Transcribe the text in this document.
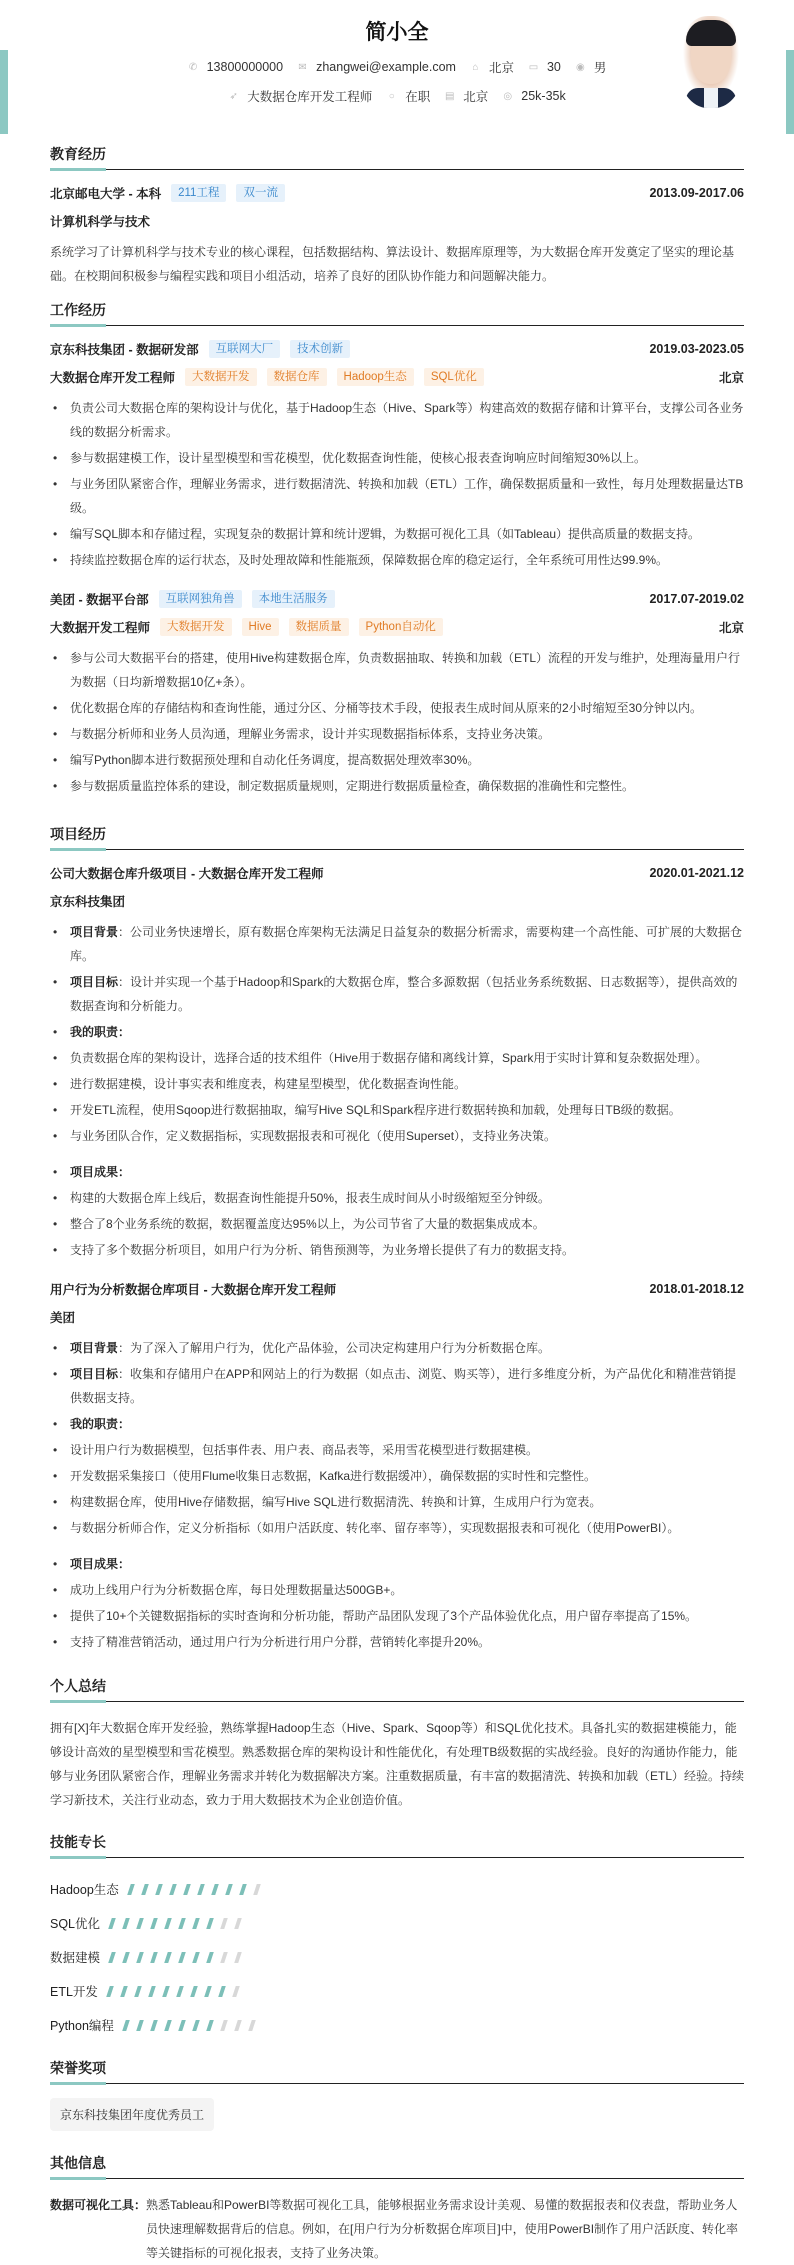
简小全
✆ 13800000000 ✉ zhangwei@example.com ⌂ 北京 ▭ 30 ◉ 男
➶ 大数据仓库开发工程师 ○ 在职 ▤ 北京 ◎ 25k-35k
教育经历
北京邮电大学 - 本科	211工程	双一流	2013.09-2017.06
计算机科学与技术
系统学习了计算机科学与技术专业的核心课程，包括数据结构、算法设计、数据库原理等，为大数据仓库开发奠定了坚实的理论基础。在校期间积极参与编程实践和项目小组活动，培养了良好的团队协作能力和问题解决能力。
工作经历
京东科技集团 - 数据研发部	互联网大厂	技术创新	2019.03-2023.05
大数据仓库开发工程师	大数据开发	数据仓库	Hadoop生态	SQL优化	北京
• 负责公司大数据仓库的架构设计与优化，基于Hadoop生态（Hive、Spark等）构建高效的数据存储和计算平台，支撑公司各业务线的数据分析需求。
• 参与数据建模工作，设计星型模型和雪花模型，优化数据查询性能，使核心报表查询响应时间缩短30%以上。
• 与业务团队紧密合作，理解业务需求，进行数据清洗、转换和加载（ETL）工作，确保数据质量和一致性，每月处理数据量达TB级。
• 编写SQL脚本和存储过程，实现复杂的数据计算和统计逻辑，为数据可视化工具（如Tableau）提供高质量的数据支持。
• 持续监控数据仓库的运行状态，及时处理故障和性能瓶颈，保障数据仓库的稳定运行，全年系统可用性达99.9%。
美团 - 数据平台部	互联网独角兽	本地生活服务	2017.07-2019.02
大数据开发工程师	大数据开发	Hive	数据质量	Python自动化	北京
• 参与公司大数据平台的搭建，使用Hive构建数据仓库，负责数据抽取、转换和加载（ETL）流程的开发与维护，处理海量用户行为数据（日均新增数据10亿+条）。
• 优化数据仓库的存储结构和查询性能，通过分区、分桶等技术手段，使报表生成时间从原来的2小时缩短至30分钟以内。
• 与数据分析师和业务人员沟通，理解业务需求，设计并实现数据指标体系，支持业务决策。
• 编写Python脚本进行数据预处理和自动化任务调度，提高数据处理效率30%。
• 参与数据质量监控体系的建设，制定数据质量规则，定期进行数据质量检查，确保数据的准确性和完整性。
项目经历
公司大数据仓库升级项目 - 大数据仓库开发工程师	2020.01-2021.12
京东科技集团
• 项目背景：公司业务快速增长，原有数据仓库架构无法满足日益复杂的数据分析需求，需要构建一个高性能、可扩展的大数据仓库。
• 项目目标：设计并实现一个基于Hadoop和Spark的大数据仓库，整合多源数据（包括业务系统数据、日志数据等），提供高效的数据查询和分析能力。
• 我的职责：
• 负责数据仓库的架构设计，选择合适的技术组件（Hive用于数据存储和离线计算，Spark用于实时计算和复杂数据处理）。
• 进行数据建模，设计事实表和维度表，构建星型模型，优化数据查询性能。
• 开发ETL流程，使用Sqoop进行数据抽取，编写Hive SQL和Spark程序进行数据转换和加载，处理每日TB级的数据。
• 与业务团队合作，定义数据指标，实现数据报表和可视化（使用Superset），支持业务决策。
• 项目成果：
• 构建的大数据仓库上线后，数据查询性能提升50%，报表生成时间从小时级缩短至分钟级。
• 整合了8个业务系统的数据，数据覆盖度达95%以上，为公司节省了大量的数据集成成本。
• 支持了多个数据分析项目，如用户行为分析、销售预测等，为业务增长提供了有力的数据支持。
用户行为分析数据仓库项目 - 大数据仓库开发工程师	2018.01-2018.12
美团
• 项目背景：为了深入了解用户行为，优化产品体验，公司决定构建用户行为分析数据仓库。
• 项目目标：收集和存储用户在APP和网站上的行为数据（如点击、浏览、购买等），进行多维度分析，为产品优化和精准营销提供数据支持。
• 我的职责：
• 设计用户行为数据模型，包括事件表、用户表、商品表等，采用雪花模型进行数据建模。
• 开发数据采集接口（使用Flume收集日志数据，Kafka进行数据缓冲），确保数据的实时性和完整性。
• 构建数据仓库，使用Hive存储数据，编写Hive SQL进行数据清洗、转换和计算，生成用户行为宽表。
• 与数据分析师合作，定义分析指标（如用户活跃度、转化率、留存率等），实现数据报表和可视化（使用PowerBI）。
• 项目成果：
• 成功上线用户行为分析数据仓库，每日处理数据量达500GB+。
• 提供了10+个关键数据指标的实时查询和分析功能，帮助产品团队发现了3个产品体验优化点，用户留存率提高了15%。
• 支持了精准营销活动，通过用户行为分析进行用户分群，营销转化率提升20%。
个人总结
拥有[X]年大数据仓库开发经验，熟练掌握Hadoop生态（Hive、Spark、Sqoop等）和SQL优化技术。具备扎实的数据建模能力，能够设计高效的星型模型和雪花模型。熟悉数据仓库的架构设计和性能优化，有处理TB级数据的实战经验。良好的沟通协作能力，能够与业务团队紧密合作，理解业务需求并转化为数据解决方案。注重数据质量，有丰富的数据清洗、转换和加载（ETL）经验。持续学习新技术，关注行业动态，致力于用大数据技术为企业创造价值。
技能专长
Hadoop生态
SQL优化
数据建模
ETL开发
Python编程
荣誉奖项
京东科技集团年度优秀员工
其他信息
数据可视化工具： 熟悉Tableau和PowerBI等数据可视化工具，能够根据业务需求设计美观、易懂的数据报表和仪表盘，帮助业务人员快速理解数据背后的信息。例如，在[用户行为分析数据仓库项目]中，使用PowerBI制作了用户活跃度、转化率等关键指标的可视化报表，支持了业务决策。
